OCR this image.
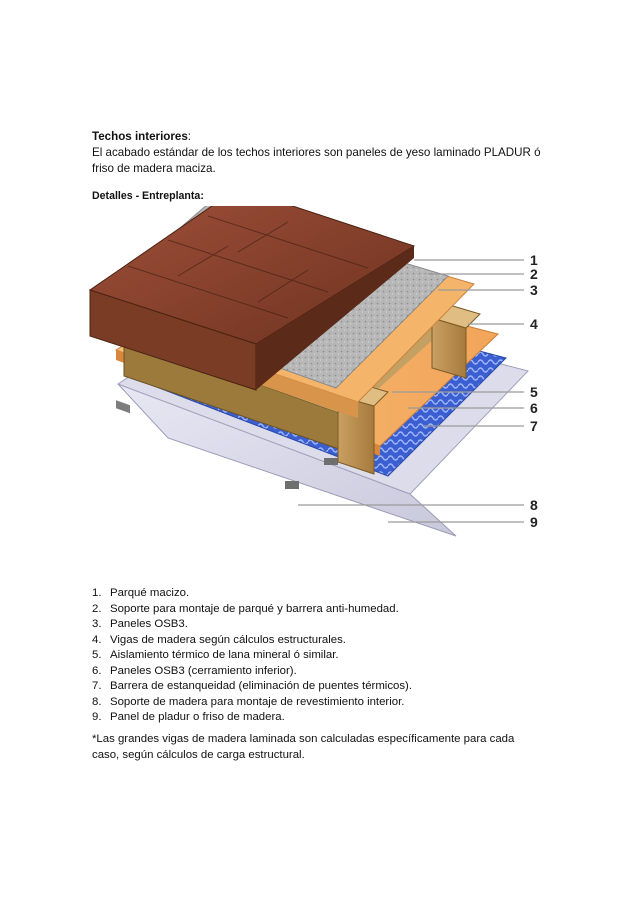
Techos interiores:
El acabado estándar de los techos interiores son paneles de yeso laminado PLADUR ó friso de madera maciza.
Detalles - Entreplanta:
1
2
3
4
5
6
7
8
9
1. Parqué macizo.
2. Soporte para montaje de parqué y barrera anti-humedad.
3. Paneles OSB3.
4. Vigas de madera según cálculos estructurales.
5. Aislamiento térmico de lana mineral ó similar.
6. Paneles OSB3 (cerramiento inferior).
7. Barrera de estanqueidad (eliminación de puentes térmicos).
8. Soporte de madera para montaje de revestimiento interior.
9. Panel de pladur o friso de madera.
*Las grandes vigas de madera laminada son calculadas específicamente para cada caso, según cálculos de carga estructural.
